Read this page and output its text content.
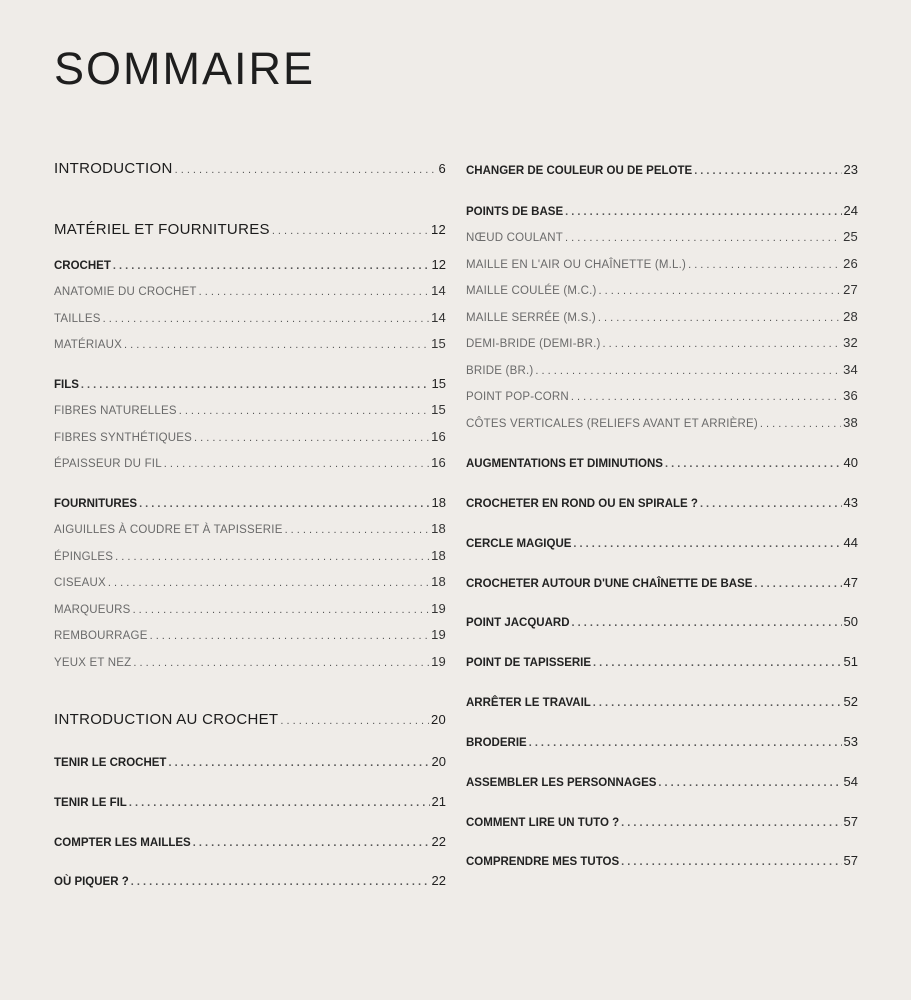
SOMMAIRE
INTRODUCTION . . .	6
MATÉRIEL ET FOURNITURES . . .	12
CROCHET . . .	12
ANATOMIE DU CROCHET . . .	14
TAILLES . . .	14
MATÉRIAUX . . .	15
FILS . . .	15
FIBRES NATURELLES . . .	15
FIBRES SYNTHÉTIQUES . . .	16
ÉPAISSEUR DU FIL . . .	16
FOURNITURES . . .	18
AIGUILLES À COUDRE ET À TAPISSERIE . . .	18
ÉPINGLES . . .	18
CISEAUX . . .	18
MARQUEURS . . .	19
REMBOURRAGE . . .	19
YEUX ET NEZ . . .	19
INTRODUCTION AU CROCHET . . .	20
TENIR LE CROCHET . . .	20
TENIR LE FIL . . .	21
COMPTER LES MAILLES . . .	22
OÙ PIQUER ? . . .	22
CHANGER DE COULEUR OU DE PELOTE . . .	23
POINTS DE BASE . . .	24
NŒUD COULANT . . .	25
MAILLE EN L'AIR OU CHAÎNETTE (M.L.) . . .	26
MAILLE COULÉE (M.C.) . . .	27
MAILLE SERRÉE (M.S.) . . .	28
DEMI-BRIDE (DEMI-BR.) . . .	32
BRIDE (BR.) . . .	34
POINT POP-CORN . . .	36
CÔTES VERTICALES (RELIEFS AVANT ET ARRIÈRE) . . .	38
AUGMENTATIONS ET DIMINUTIONS . . .	40
CROCHETER EN ROND OU EN SPIRALE ? . . .	43
CERCLE MAGIQUE . . .	44
CROCHETER AUTOUR D'UNE CHAÎNETTE DE BASE . . .	47
POINT JACQUARD . . .	50
POINT DE TAPISSERIE . . .	51
ARRÊTER LE TRAVAIL . . .	52
BRODERIE . . .	53
ASSEMBLER LES PERSONNAGES . . .	54
COMMENT LIRE UN TUTO ? . . .	57
COMPRENDRE MES TUTOS . . .	57
